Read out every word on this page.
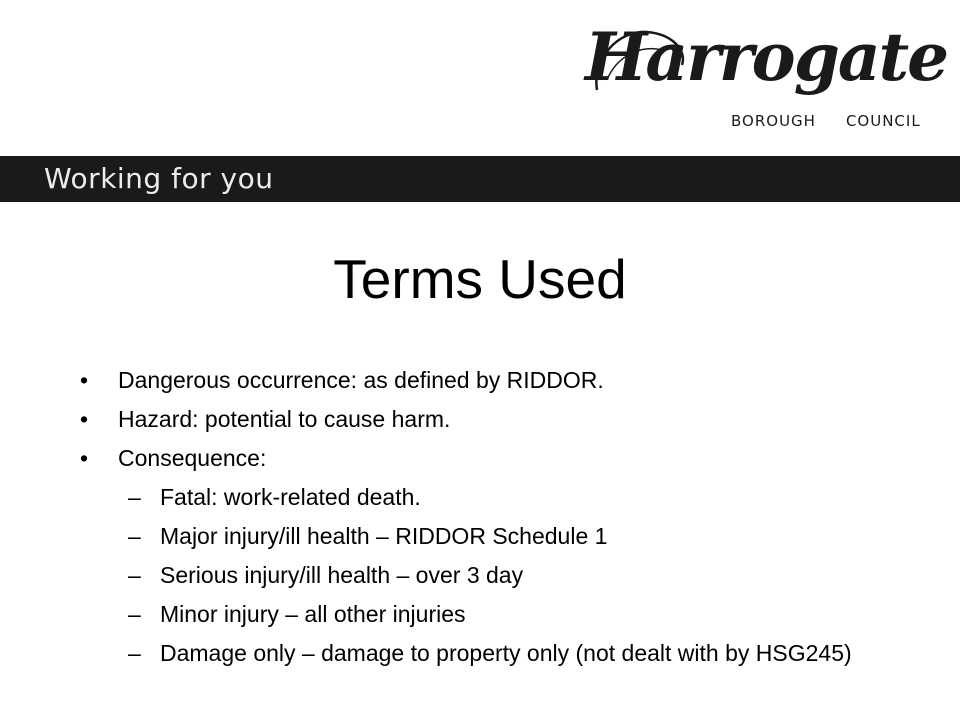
Harrogate
BOROUGH COUNCIL
Working for you
Terms Used
• Dangerous occurrence: as defined by RIDDOR.
• Hazard: potential to cause harm.
• Consequence:
– Fatal: work-related death.
– Major injury/ill health – RIDDOR Schedule 1
– Serious injury/ill health – over 3 day
– Minor injury – all other injuries
– Damage only – damage to property only (not dealt with by HSG245)
